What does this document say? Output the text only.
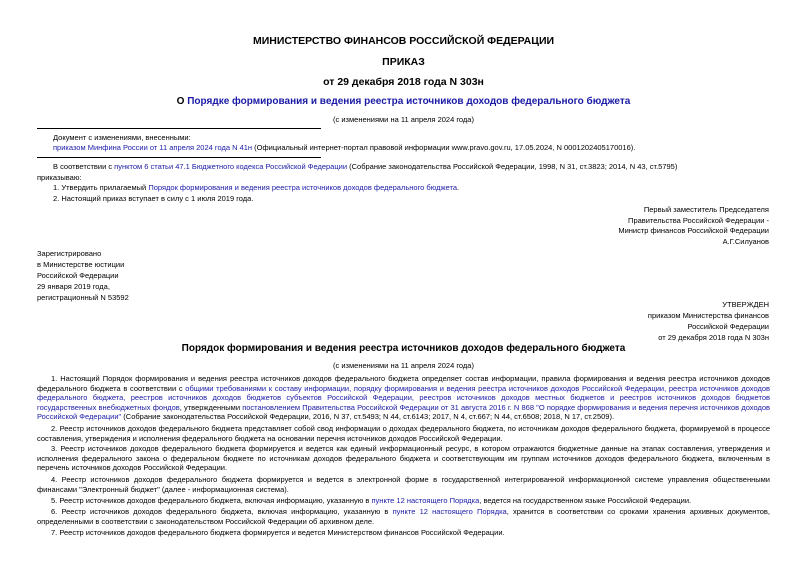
МИНИСТЕРСТВО ФИНАНСОВ РОССИЙСКОЙ ФЕДЕРАЦИИ
ПРИКАЗ
от 29 декабря 2018 года N 303н
О Порядке формирования и ведения реестра источников доходов федерального бюджета
(с изменениями на 11 апреля 2024 года)
Документ с изменениями, внесенными:
приказом Минфина России от 11 апреля 2024 года N 41н (Официальный интернет-портал правовой информации www.pravo.gov.ru, 17.05.2024, N 0001202405170016).
В соответствии с пунктом 6 статьи 47.1 Бюджетного кодекса Российской Федерации (Собрание законодательства Российской Федерации, 1998, N 31, ст.3823; 2014, N 43, ст.5795)
приказываю:
1. Утвердить прилагаемый Порядок формирования и ведения реестра источников доходов федерального бюджета.
2. Настоящий приказ вступает в силу с 1 июля 2019 года.
Первый заместитель Председателя
Правительства Российской Федерации -
Министр финансов Российской Федерации
А.Г.Силуанов
Зарегистрировано
в Министерстве юстиции
Российской Федерации
29 января 2019 года,
регистрационный N 53592
УТВЕРЖДЕН
приказом Министерства финансов
Российской Федерации
от 29 декабря 2018 года N 303н
Порядок формирования и ведения реестра источников доходов федерального бюджета
(с изменениями на 11 апреля 2024 года)

1. Настоящий Порядок формирования и ведения реестра источников доходов федерального бюджета определяет состав информации, правила формирования и ведения реестра источников доходов федерального бюджета в соответствии с общими требованиями к составу информации, порядку формирования и ведения реестра источников доходов Российской Федерации, реестра источников доходов федерального бюджета, реестров источников доходов бюджетов субъектов Российской Федерации, реестров источников доходов местных бюджетов и реестров источников доходов бюджетов государственных внебюджетных фондов, утвержденными постановлением Правительства Российской Федерации от 31 августа 2016 г. N 868 "О порядке формирования и ведения перечня источников доходов Российской Федерации" (Собрание законодательства Российской Федерации, 2016, N 37, ст.5493; N 44, ст.6143; 2017, N 4, ст.667; N 44, ст.6508; 2018, N 17, ст.2509).

2. Реестр источников доходов федерального бюджета представляет собой свод информации о доходах федерального бюджета, по источникам доходов федерального бюджета, формируемой в процессе составления, утверждения и исполнения федерального бюджета на основании перечня источников доходов Российской Федерации.

3. Реестр источников доходов федерального бюджета формируется и ведется как единый информационный ресурс, в котором отражаются бюджетные данные на этапах составления, утверждения и исполнения федерального закона о федеральном бюджете по источникам доходов федерального бюджета и соответствующим им группам источников доходов федерального бюджета, включенным в перечень источников доходов Российской Федерации.

4. Реестр источников доходов федерального бюджета формируется и ведется в электронной форме в государственной интегрированной информационной системе управления общественными финансами "Электронный бюджет" (далее - информационная система).

5. Реестр источников доходов федерального бюджета, включая информацию, указанную в пункте 12 настоящего Порядка, ведется на государственном языке Российской Федерации.

6. Реестр источников доходов федерального бюджета, включая информацию, указанную в пункте 12 настоящего Порядка, хранится в соответствии со сроками хранения архивных документов, определенными в соответствии с законодательством Российской Федерации об архивном деле.

7. Реестр источников доходов федерального бюджета формируется и ведется Министерством финансов Российской Федерации.
